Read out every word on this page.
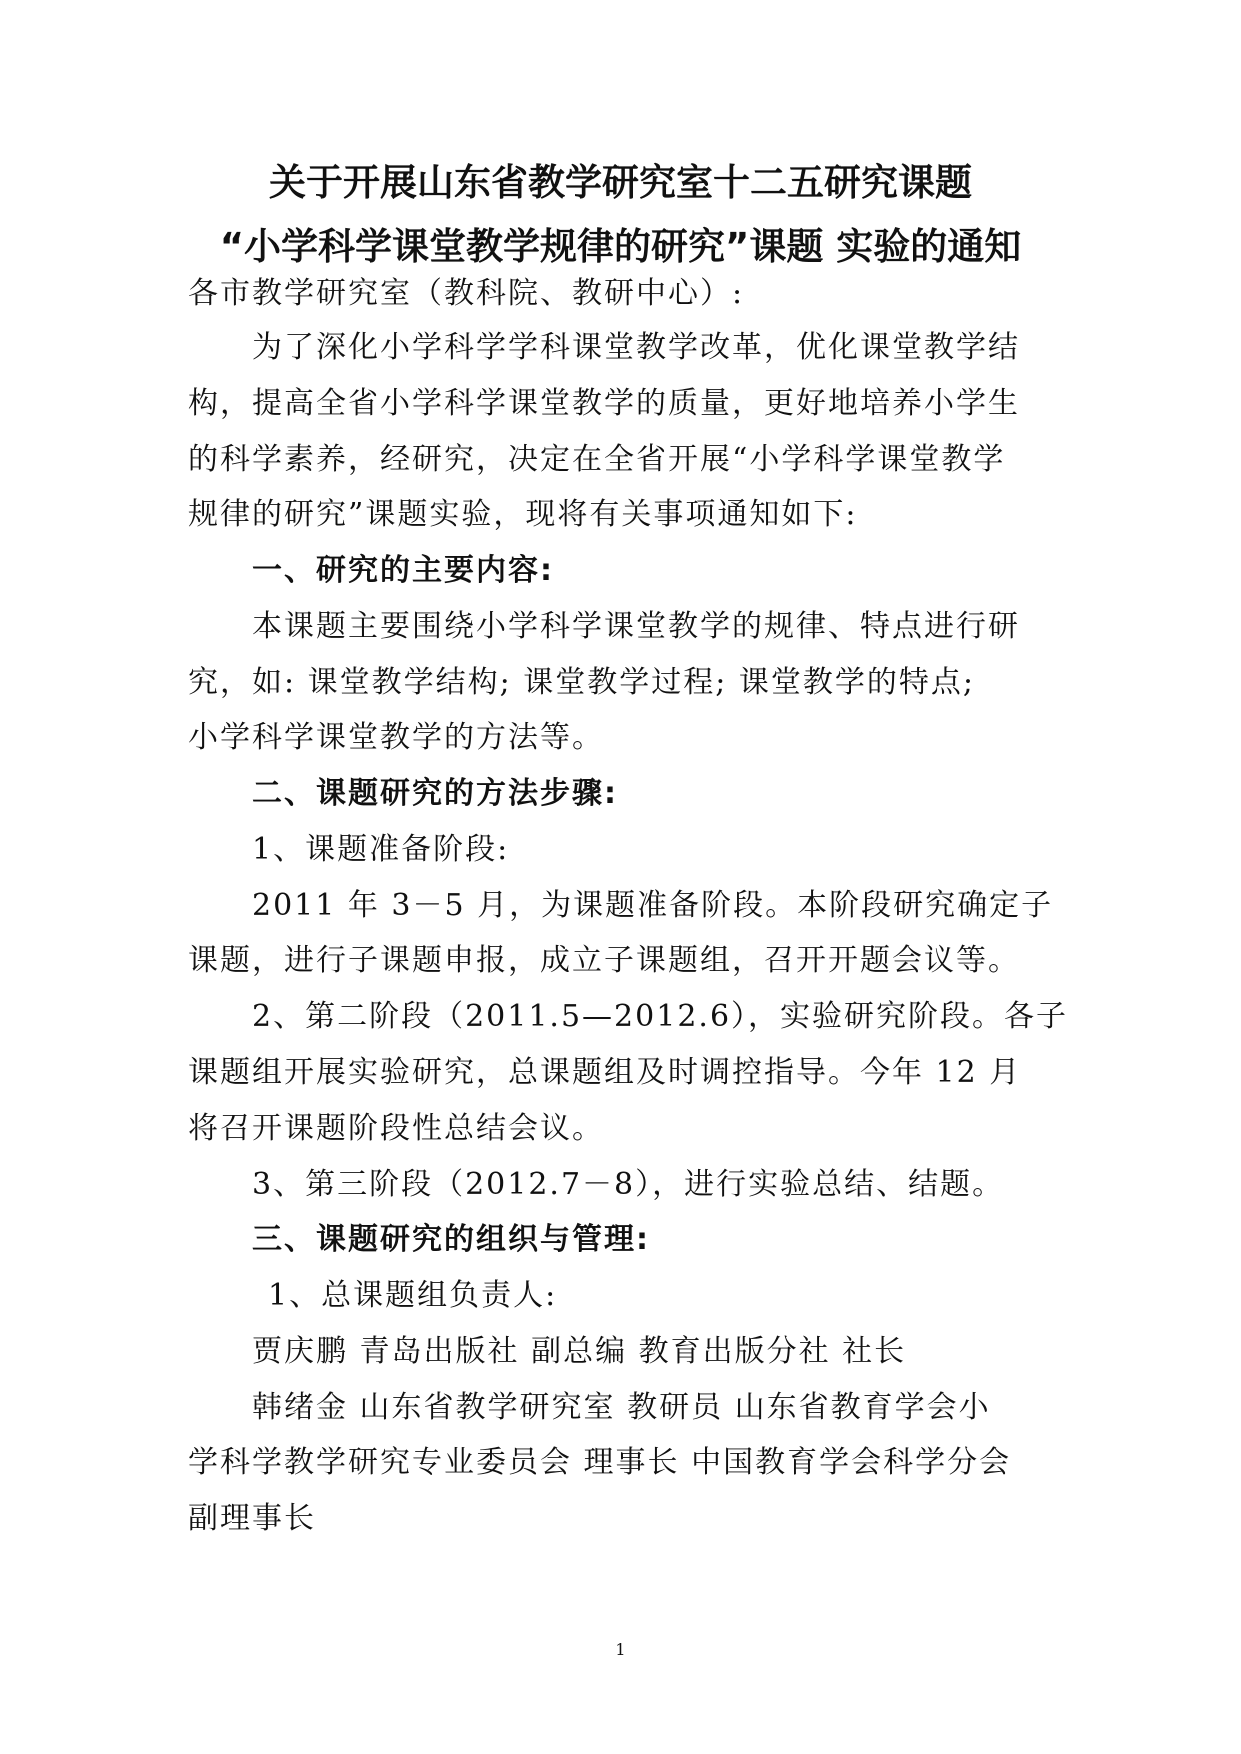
关于开展山东省教学研究室十二五研究课题
“小学科学课堂教学规律的研究”课题 实验的通知
各市教学研究室（教科院、教研中心）:
为了深化小学科学学科课堂教学改革，优化课堂教学结
构，提高全省小学科学课堂教学的质量，更好地培养小学生
的科学素养，经研究，决定在全省开展“小学科学课堂教学
规律的研究”课题实验，现将有关事项通知如下:
一、研究的主要内容:
本课题主要围绕小学科学课堂教学的规律、特点进行研
究，如: 课堂教学结构; 课堂教学过程; 课堂教学的特点;
小学科学课堂教学的方法等。
二、课题研究的方法步骤:
1、课题准备阶段:
2011 年 3－5 月，为课题准备阶段。本阶段研究确定子
课题，进行子课题申报，成立子课题组，召开开题会议等。
2、第二阶段（2011.5—2012.6），实验研究阶段。各子
课题组开展实验研究，总课题组及时调控指导。今年 12 月
将召开课题阶段性总结会议。
3、第三阶段（2012.7－8），进行实验总结、结题。
三、课题研究的组织与管理:
1、总课题组负责人:
贾庆鹏 青岛出版社 副总编 教育出版分社 社长
韩绪金 山东省教学研究室 教研员 山东省教育学会小
学科学教学研究专业委员会 理事长 中国教育学会科学分会
副理事长
1
